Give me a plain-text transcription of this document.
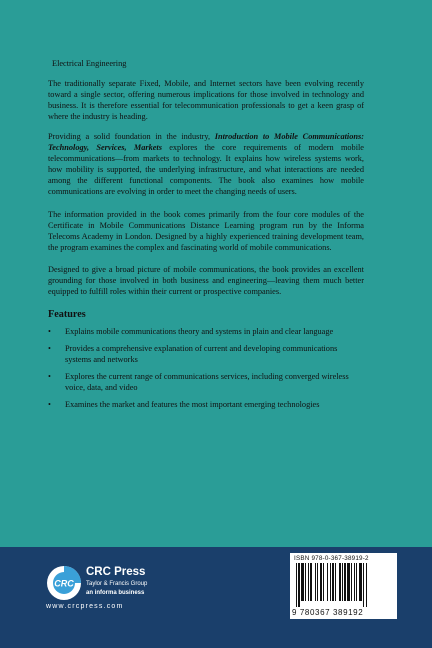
Electrical Engineering

The traditionally separate Fixed, Mobile, and Internet sectors have been evolving recently toward a single sector, offering numerous implications for those involved in technology and business. It is therefore essential for telecommunication professionals to get a keen grasp of where the industry is heading.

Providing a solid foundation in the industry, Introduction to Mobile Communications: Technology, Services, Markets explores the core requirements of modern mobile telecommunications—from markets to technology. It explains how wireless systems work, how mobility is supported, the underlying infrastructure, and what interactions are needed among the different functional components. The book also examines how mobile communications are evolving in order to meet the changing needs of users.

The information provided in the book comes primarily from the four core modules of the Certificate in Mobile Communications Distance Learning program run by the Informa Telecoms Academy in London. Designed by a highly experienced training development team, the program examines the complex and fascinating world of mobile communications.

Designed to give a broad picture of mobile communications, the book provides an excellent grounding for those involved in both business and engineering—leaving them much better equipped to fulfill roles within their current or prospective companies.

Features
• Explains mobile communications theory and systems in plain and clear language
• Provides a comprehensive explanation of current and developing communications systems and networks
• Explores the current range of communications services, including converged wireless voice, data, and video
• Examines the market and features the most important emerging technologies
CRC
CRC Press
Taylor & Francis Group
an informa business
www.crcpress.com
ISBN 978-0-367-38919-2
9 780367 389192
